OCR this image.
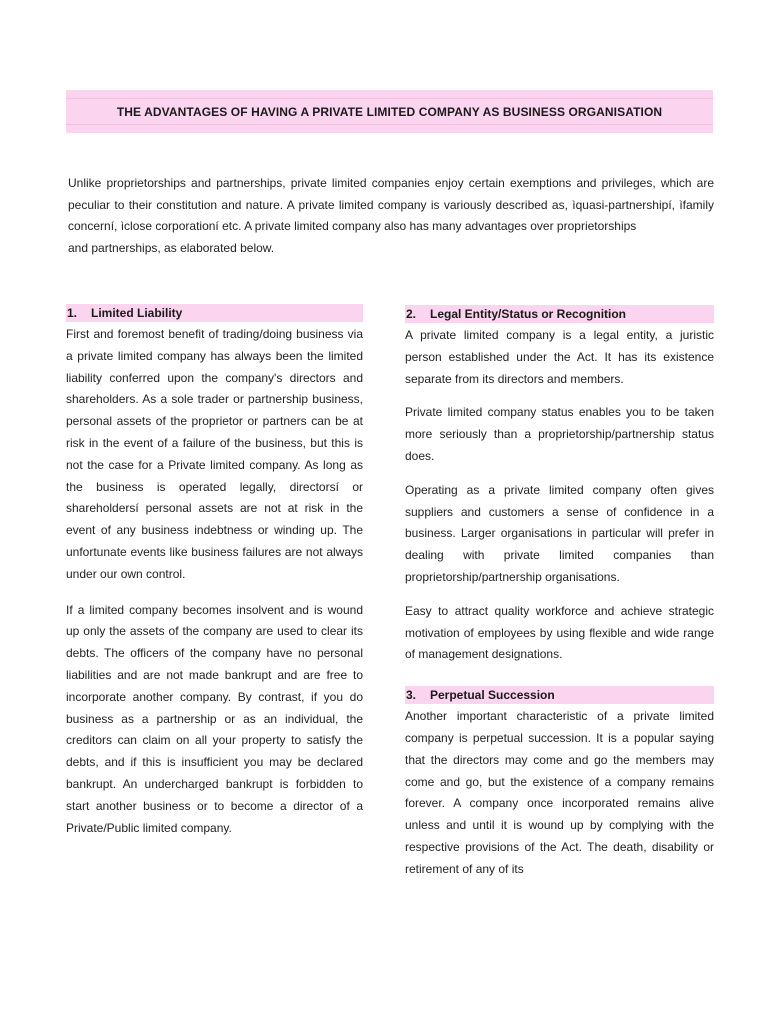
THE ADVANTAGES OF HAVING A PRIVATE LIMITED COMPANY AS BUSINESS ORGANISATION

Unlike proprietorships and partnerships, private limited companies enjoy certain exemptions and privileges, which are peculiar to their constitution and nature. A private limited company is variously described as, ìquasi-partnershipí, ìfamily concerní, ìclose corporationí etc. A private limited company also has many advantages over proprietorships

and partnerships, as elaborated below.

1. Limited Liability

First and foremost benefit of trading/doing business via a private limited company has always been the limited liability conferred upon the company's directors and shareholders. As a sole trader or partnership business, personal assets of the proprietor or partners can be at risk in the event of a failure of the business, but this is not the case for a Private limited company. As long as the business is operated legally, directorsí or shareholdersí personal assets are not at risk in the event of any business indebtness or winding up. The unfortunate events like business failures are not always under our own control.

If a limited company becomes insolvent and is wound up only the assets of the company are used to clear its debts. The officers of the company have no personal liabilities and are not made bankrupt and are free to incorporate another company. By contrast, if you do business as a partnership or as an individual, the creditors can claim on all your property to satisfy the debts, and if this is insufficient you may be declared bankrupt. An undercharged bankrupt is forbidden to start another business or to become a director of a Private/Public limited company.

2. Legal Entity/Status or Recognition

A private limited company is a legal entity, a juristic person established under the Act. It has its existence separate from its directors and members.

Private limited company status enables you to be taken more seriously than a proprietorship/partnership status does.

Operating as a private limited company often gives suppliers and customers a sense of confidence in a business. Larger organisations in particular will prefer in dealing with private limited companies than proprietorship/partnership organisations.

Easy to attract quality workforce and achieve strategic motivation of employees by using flexible and wide range of management designations.

3. Perpetual Succession

Another important characteristic of a private limited company is perpetual succession. It is a popular saying that the directors may come and go the members may come and go, but the existence of a company remains forever. A company once incorporated remains alive unless and until it is wound up by complying with the respective provisions of the Act. The death, disability or retirement of any of its
